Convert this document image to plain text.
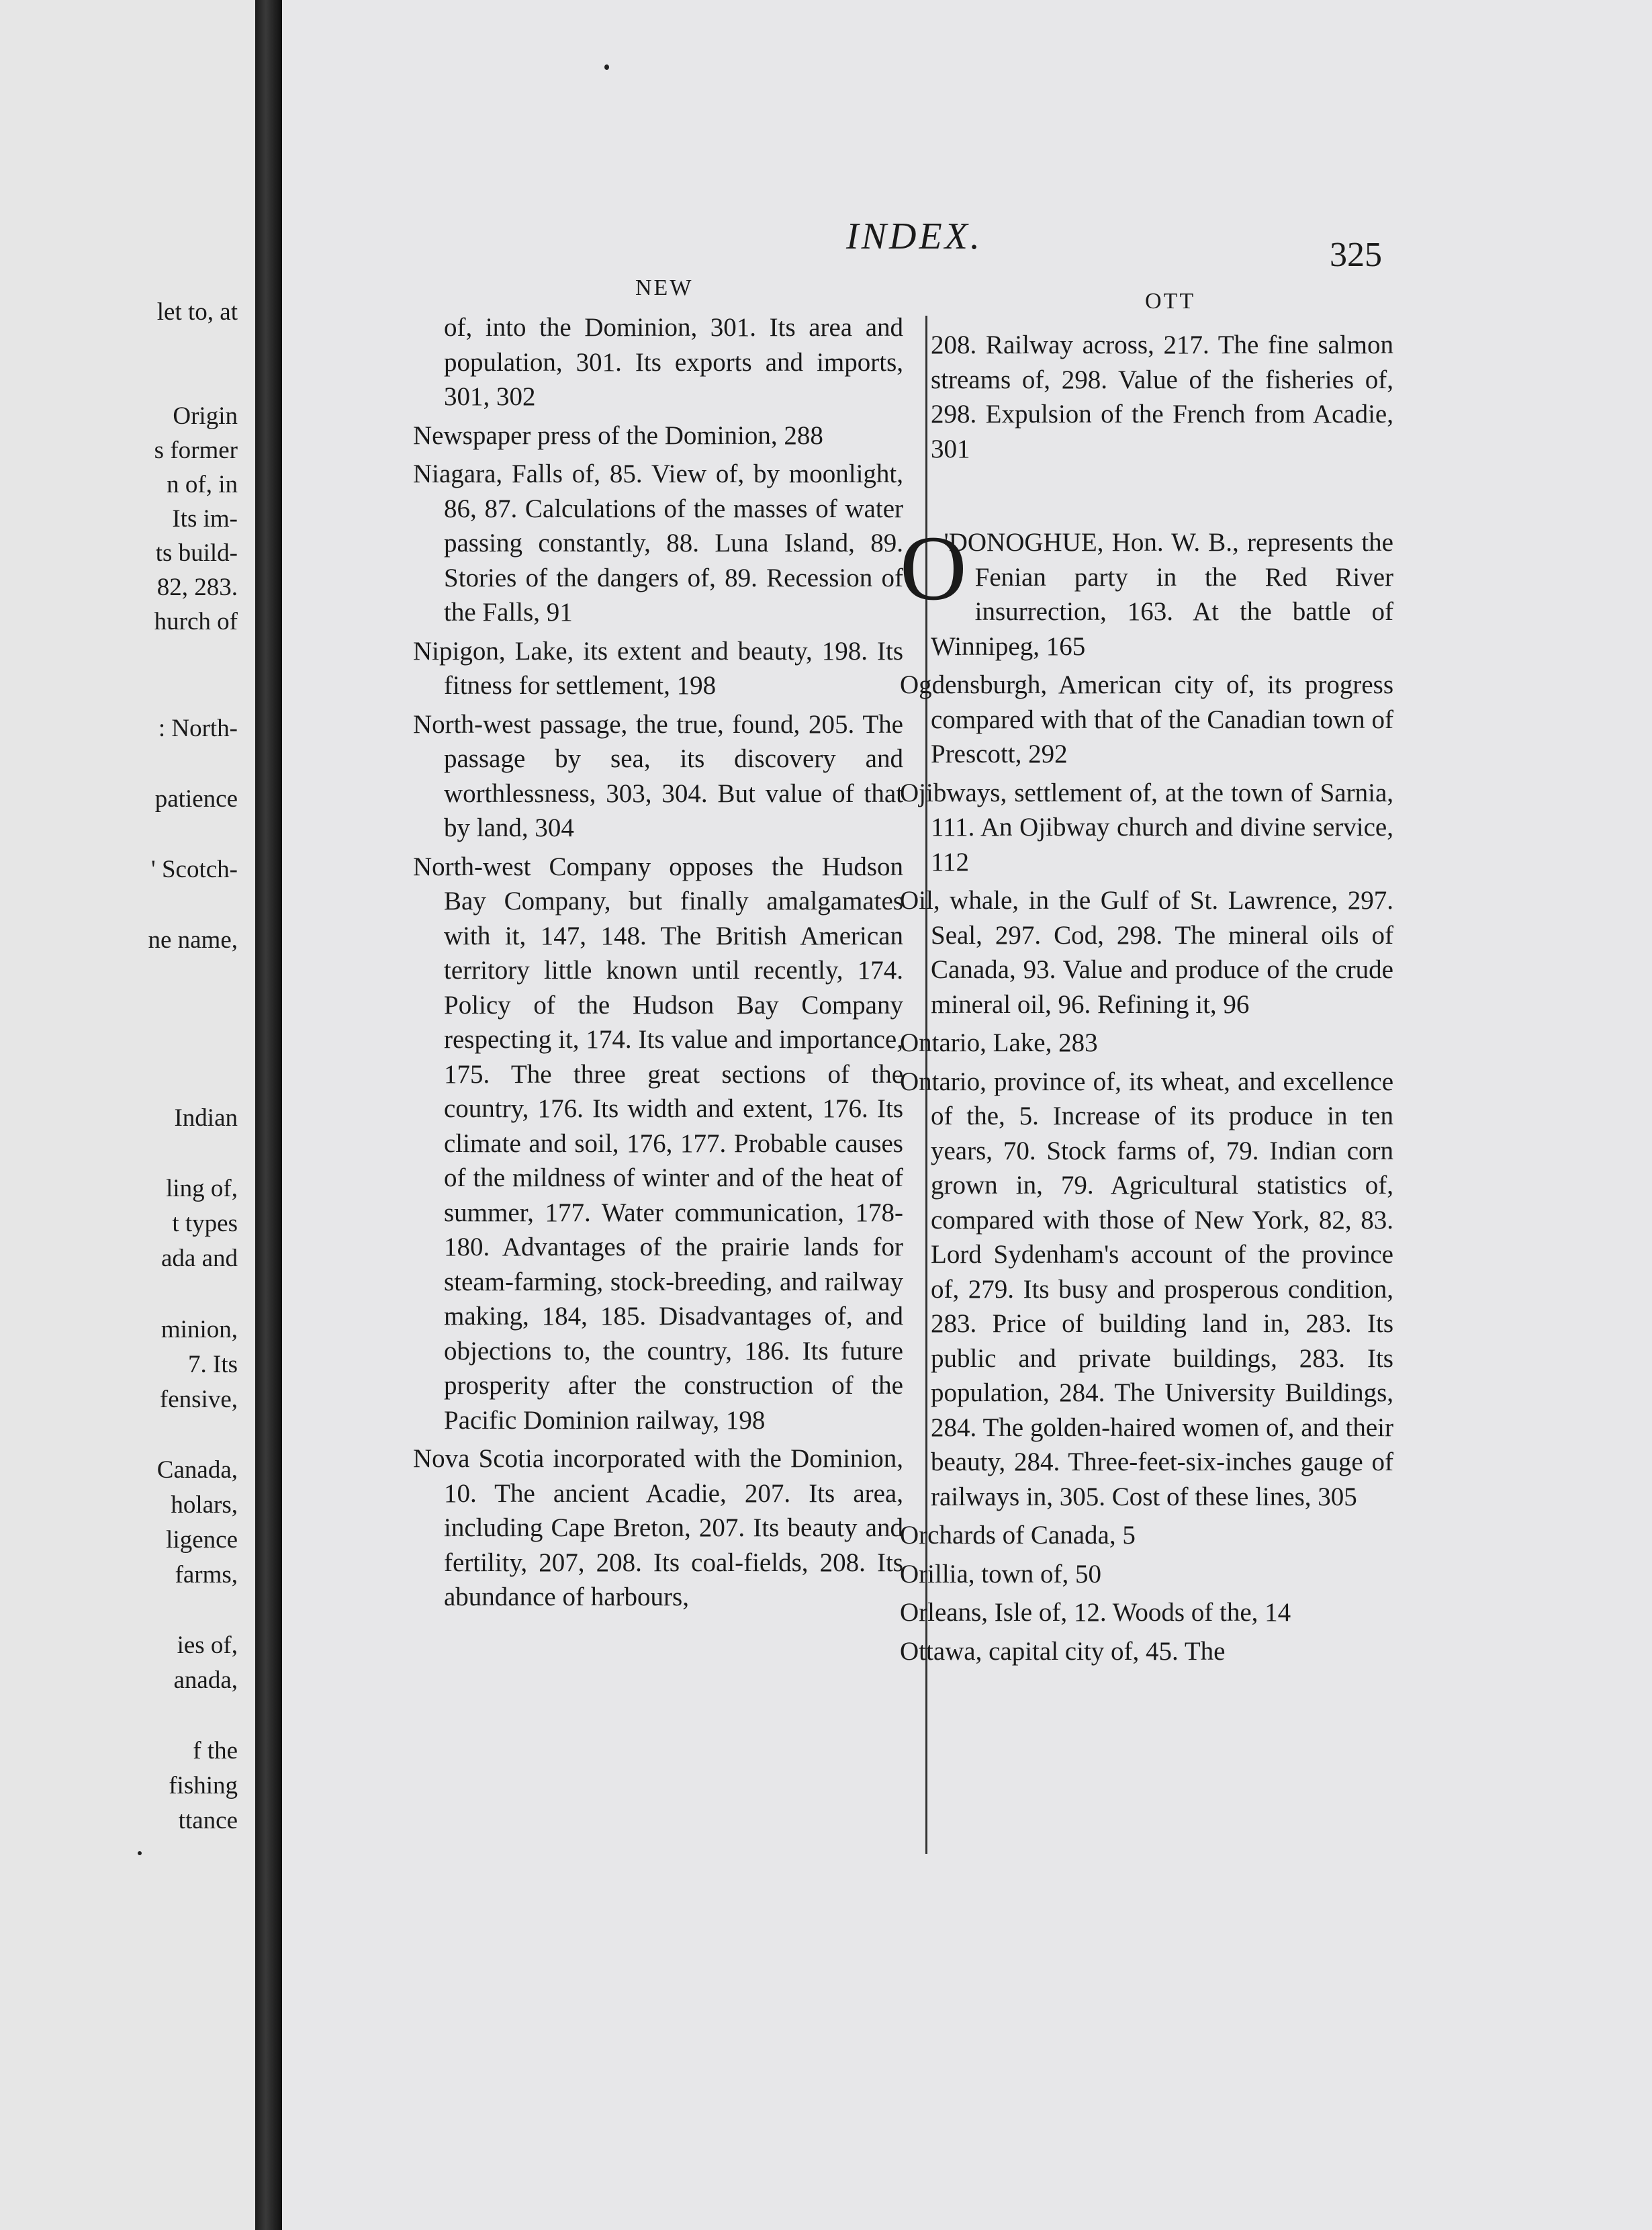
let to, at
Origin
s former
n of, in
Its im-
ts build-
82, 283.
hurch of
: North-
patience
' Scotch-
ne name,
Indian
ling of,
t types
ada and
minion,
7. Its
fensive,
Canada,
holars,
ligence
farms,
ies of,
anada,
f the
fishing
ttance
INDEX.	325
NEW
OTT
of, into the Dominion, 301. Its area and population, 301. Its exports and imports, 301, 302
Newspaper press of the Dominion, 288
Niagara, Falls of, 85. View of, by moonlight, 86, 87. Calculations of the masses of water passing constantly, 88. Luna Island, 89. Stories of the dangers of, 89. Recession of the Falls, 91
Nipigon, Lake, its extent and beauty, 198. Its fitness for settlement, 198
North-west passage, the true, found, 205. The passage by sea, its discovery and worthlessness, 303, 304. But value of that by land, 304
North-west Company opposes the Hudson Bay Company, but finally amalgamates with it, 147, 148. The British American territory little known until recently, 174. Policy of the Hudson Bay Company respecting it, 174. Its value and importance, 175. The three great sections of the country, 176. Its width and extent, 176. Its climate and soil, 176, 177. Probable causes of the mildness of winter and of the heat of summer, 177. Water communication, 178-180. Advantages of the prairie lands for steam-farming, stock-breeding, and railway making, 184, 185. Disadvantages of, and objections to, the country, 186. Its future prosperity after the construction of the Pacific Dominion railway, 198
Nova Scotia incorporated with the Dominion, 10. The ancient Acadie, 207. Its area, including Cape Breton, 207. Its beauty and fertility, 207, 208. Its coal-fields, 208. Its abundance of harbours,
208. Railway across, 217. The fine salmon streams of, 298. Value of the fisheries of, 298. Expulsion of the French from Acadie, 301
O
'DONOGHUE, Hon. W. B., represents the Fenian party in the Red River insurrection, 163. At the battle of Winnipeg, 165
Ogdensburgh, American city of, its progress compared with that of the Canadian town of Prescott, 292
Ojibways, settlement of, at the town of Sarnia, 111. An Ojibway church and divine service, 112
Oil, whale, in the Gulf of St. Lawrence, 297. Seal, 297. Cod, 298. The mineral oils of Canada, 93. Value and produce of the crude mineral oil, 96. Refining it, 96
Ontario, Lake, 283
Ontario, province of, its wheat, and excellence of the, 5. Increase of its produce in ten years, 70. Stock farms of, 79. Indian corn grown in, 79. Agricultural statistics of, compared with those of New York, 82, 83. Lord Sydenham's account of the province of, 279. Its busy and prosperous condition, 283. Price of building land in, 283. Its public and private buildings, 283. Its population, 284. The University Buildings, 284. The golden-haired women of, and their beauty, 284. Three-feet-six-inches gauge of railways in, 305. Cost of these lines, 305
Orchards of Canada, 5
Orillia, town of, 50
Orleans, Isle of, 12. Woods of the, 14
Ottawa, capital city of, 45. The
